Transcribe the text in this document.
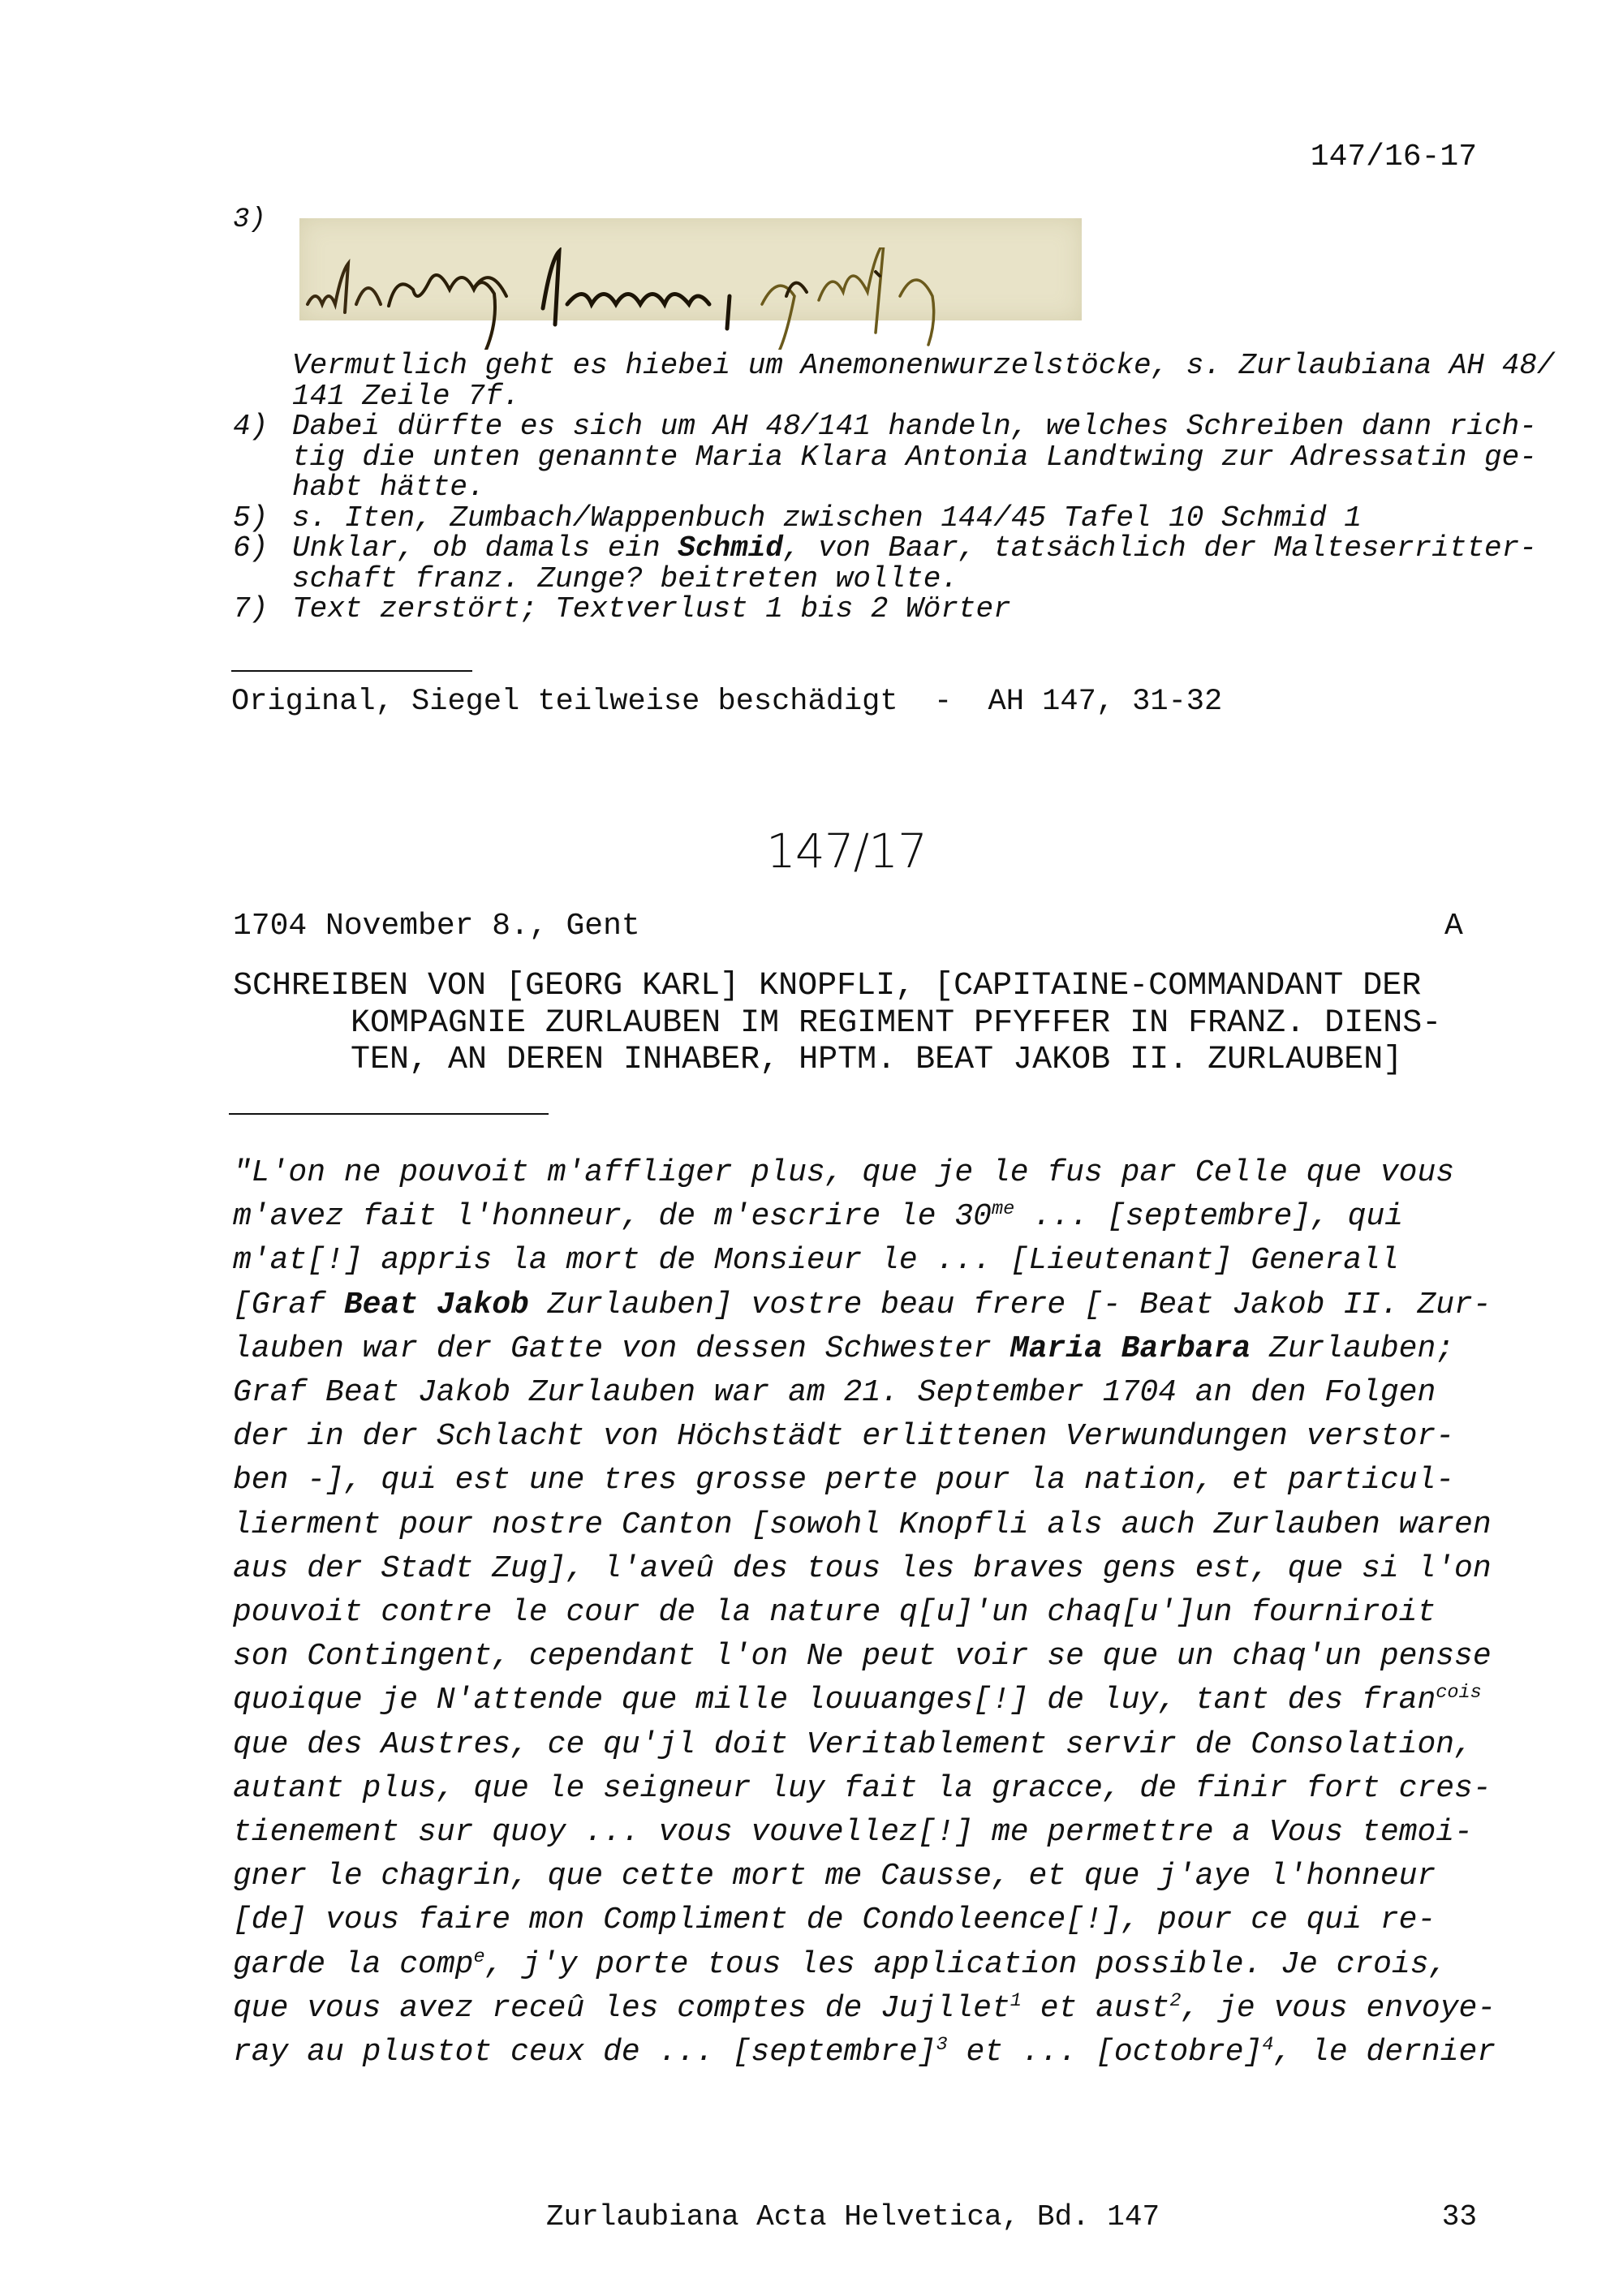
147/16-17
3)

Vermutlich geht es hiebei um Anemonenwurzelstöcke, s. Zurlaubiana AH 48/
141 Zeile 7f.
4) Dabei dürfte es sich um AH 48/141 handeln, welches Schreiben dann rich-
tig die unten genannte Maria Klara Antonia Landtwing zur Adressatin ge-
habt hätte.
5) s. Iten, Zumbach/Wappenbuch zwischen 144/45 Tafel 10 Schmid 1
6) Unklar, ob damals ein Schmid, von Baar, tatsächlich der Malteserritter-
schaft franz. Zunge? beitreten wollte.
7) Text zerstört; Textverlust 1 bis 2 Wörter
Original, Siegel teilweise beschädigt  -  AH 147, 31-32
147/17
1704 November 8., Gent	A
SCHREIBEN VON [GEORG KARL] KNOPFLI, [CAPITAINE-COMMANDANT DER
KOMPAGNIE ZURLAUBEN IM REGIMENT PFYFFER IN FRANZ. DIENS-
TEN, AN DEREN INHABER, HPTM. BEAT JAKOB II. ZURLAUBEN]
"L'on ne pouvoit m'affliger plus, que je le fus par Celle que vous
m'avez fait l'honneur, de m'escrire le $30^{me}$ ... [septembre], qui
m'at[!] appris la mort de Monsieur le ... [Lieutenant] Generall
[Graf Beat Jakob Zurlauben] vostre beau frere [- Beat Jakob II. Zur-
lauben war der Gatte von dessen Schwester Maria Barbara Zurlauben;
Graf Beat Jakob Zurlauben war am 21. September 1704 an den Folgen
der in der Schlacht von Höchstädt erlittenen Verwundungen verstor-
ben -], qui est une tres grosse perte pour la nation, et particul-
lierment pour nostre Canton [sowohl Knopfli als auch Zurlauben waren
aus der Stadt Zug], l'aveû des tous les braves gens est, que si l'on
pouvoit contre le cour de la nature q[u]'un chaq[u']un fourniroit
son Contingent, cependant l'on Ne peut voir se que un chaq'un pensse
quoique je N'attende que mille louuanges[!] de luy, tant des fran$^{cois}$
que des Austres, ce qu'jl doit Veritablement servir de Consolation,
autant plus, que le seigneur luy fait la gracce, de finir fort cres-
tienement sur quoy ... vous vouvellez[!] me permettre a Vous temoi-
gner le chagrin, que cette mort me Causse, et que j'aye l'honneur
[de] vous faire mon Compliment de Condoleence[!], pour ce qui re-
garde la comp$^e$, j'y porte tous les application possible. Je crois,
que vous avez receû les comptes de Jujllet$^1$ et aust$^2$, je vous envoye-
ray au plustot ceux de ... [septembre]$^3$ et ... [octobre]$^4$, le dernier
Zurlaubiana Acta Helvetica, Bd. 147	33
